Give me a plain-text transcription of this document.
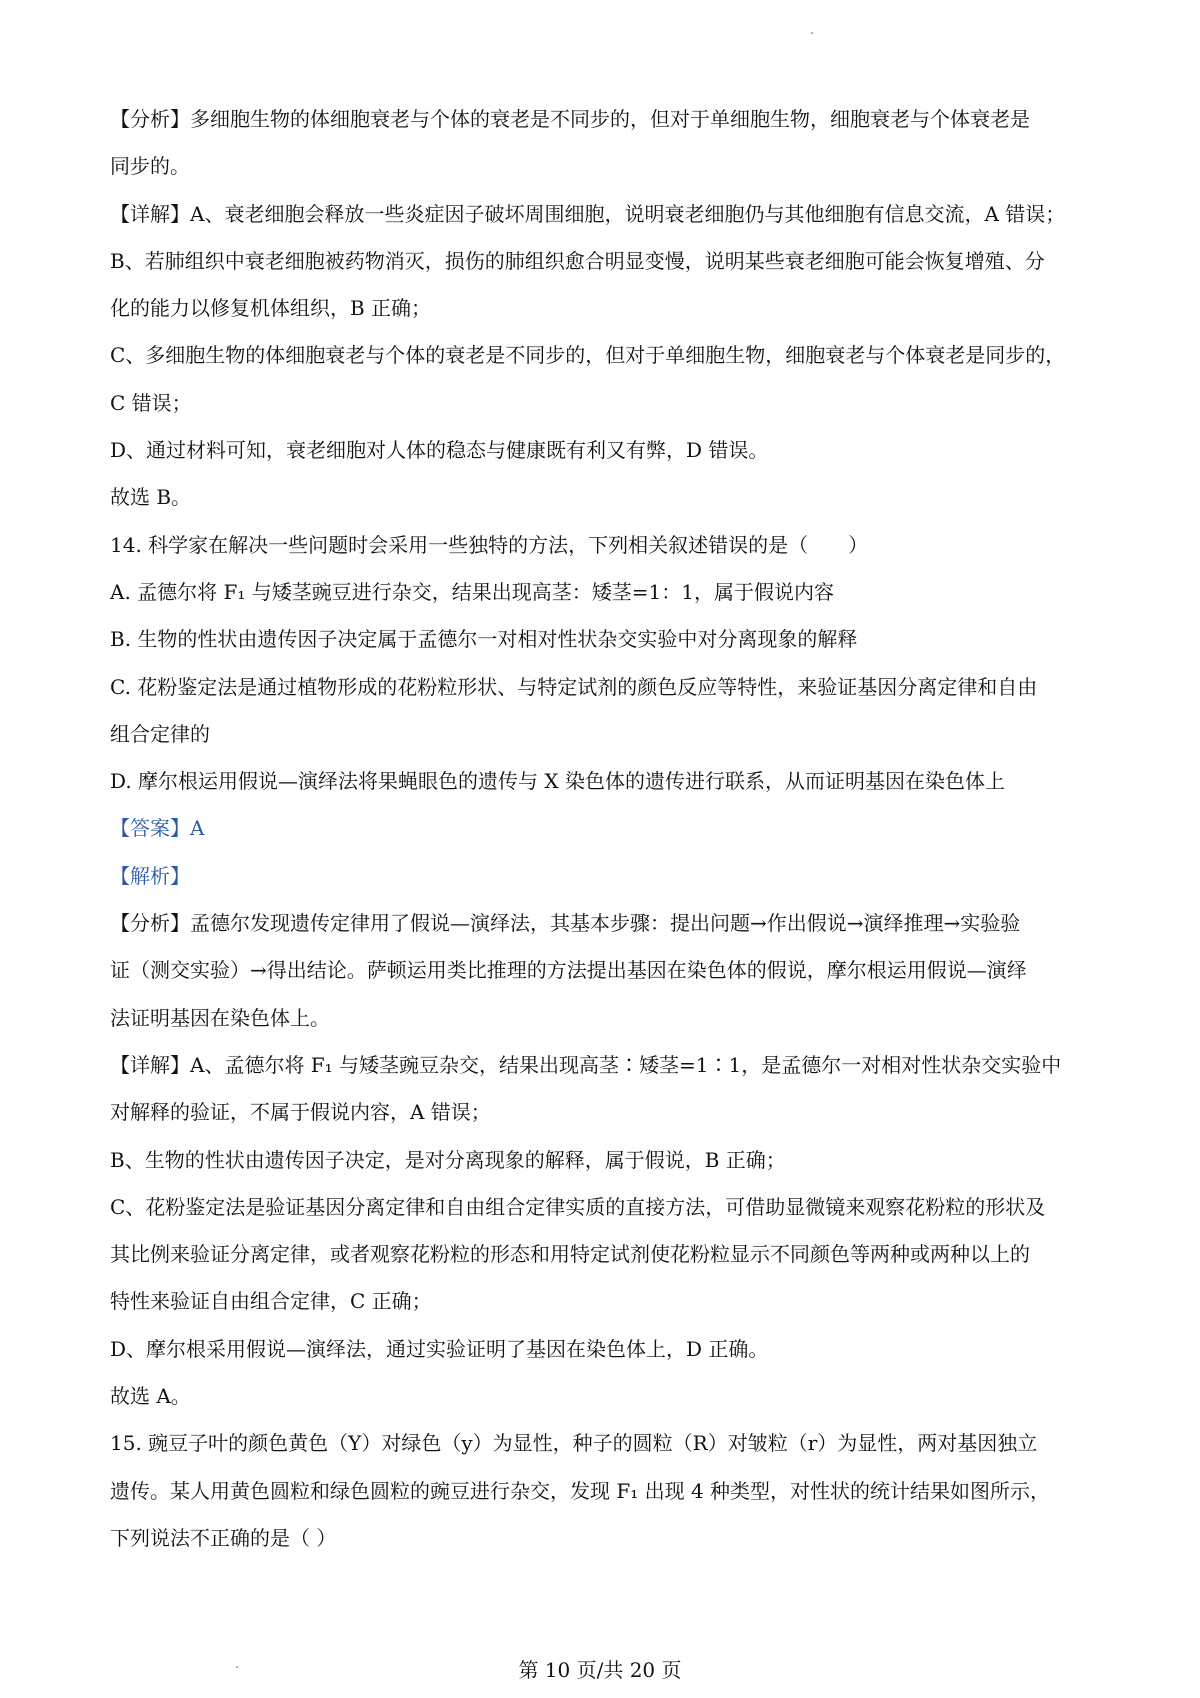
【分析】多细胞生物的体细胞衰老与个体的衰老是不同步的，但对于单细胞生物，细胞衰老与个体衰老是
同步的。
【详解】A、衰老细胞会释放一些炎症因子破坏周围细胞，说明衰老细胞仍与其他细胞有信息交流，A 错误；
B、若肺组织中衰老细胞被药物消灭，损伤的肺组织愈合明显变慢，说明某些衰老细胞可能会恢复增殖、分
化的能力以修复机体组织，B 正确；
C、多细胞生物的体细胞衰老与个体的衰老是不同步的，但对于单细胞生物，细胞衰老与个体衰老是同步的，
C 错误；
D、通过材料可知，衰老细胞对人体的稳态与健康既有利又有弊，D 错误。
故选 B。
14. 科学家在解决一些问题时会采用一些独特的方法，下列相关叙述错误的是（　　）
A. 孟德尔将 F₁ 与矮茎豌豆进行杂交，结果出现高茎：矮茎=1：1，属于假说内容
B. 生物的性状由遗传因子决定属于孟德尔一对相对性状杂交实验中对分离现象的解释
C. 花粉鉴定法是通过植物形成的花粉粒形状、与特定试剂的颜色反应等特性，来验证基因分离定律和自由
组合定律的
D. 摩尔根运用假说—演绎法将果蝇眼色的遗传与 X 染色体的遗传进行联系，从而证明基因在染色体上
【答案】A
【解析】
【分析】孟德尔发现遗传定律用了假说—演绎法，其基本步骤：提出问题→作出假说→演绎推理→实验验
证（测交实验）→得出结论。萨顿运用类比推理的方法提出基因在染色体的假说，摩尔根运用假说—演绎
法证明基因在染色体上。
【详解】A、孟德尔将 F₁ 与矮茎豌豆杂交，结果出现高茎∶矮茎=1∶1，是孟德尔一对相对性状杂交实验中
对解释的验证，不属于假说内容，A 错误；
B、生物的性状由遗传因子决定，是对分离现象的解释，属于假说，B 正确；
C、花粉鉴定法是验证基因分离定律和自由组合定律实质的直接方法，可借助显微镜来观察花粉粒的形状及
其比例来验证分离定律，或者观察花粉粒的形态和用特定试剂使花粉粒显示不同颜色等两种或两种以上的
特性来验证自由组合定律，C 正确；
D、摩尔根采用假说—演绎法，通过实验证明了基因在染色体上，D 正确。
故选 A。
15. 豌豆子叶的颜色黄色（Y）对绿色（y）为显性，种子的圆粒（R）对皱粒（r）为显性，两对基因独立
遗传。某人用黄色圆粒和绿色圆粒的豌豆进行杂交，发现 F₁ 出现 4 种类型，对性状的统计结果如图所示，
下列说法不正确的是（ ）
第 10 页/共 20 页
